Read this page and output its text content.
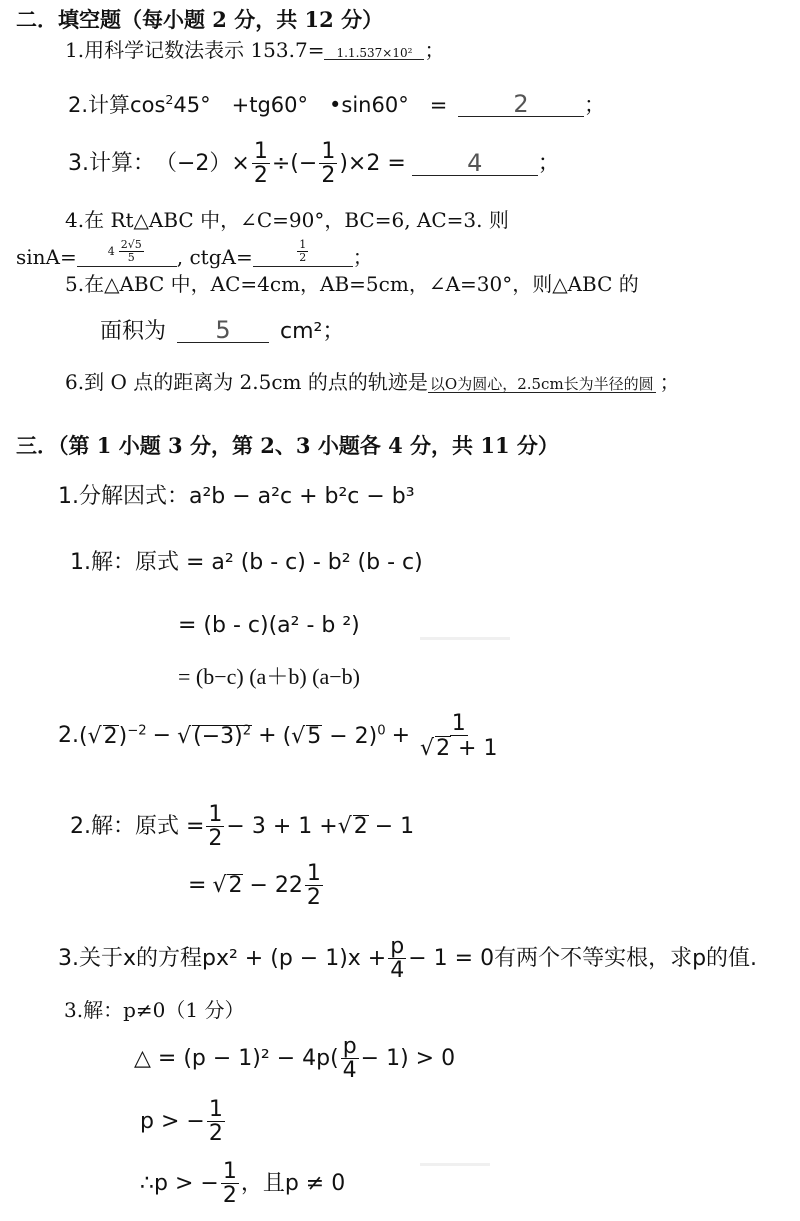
二．填空题（每小题 2 分，共 12 分）
1.用科学记数法表示 153.7= 1.1.537×10² ；
2.计算$\cos^245^\circ$　+tg60°　•sin60°　=	2	；
3.计算： $(-2)\times \frac{1}{2}$ ÷(− $\frac{1}{2} )\times 2$ =	4	；
4.在 Rt△ABC 中，∠C=90°，BC=6, AC=3. 则
sinA=	$4 \frac{2√5}{5}$ , ctgA=	$\frac{1}{2}$ ；
5.在△ABC 中，AC=4cm，AB=5cm，∠A=30°，则△ABC 的
面积为 5 cm²；
6.到 O 点的距离为 2.5cm 的点的轨迹是 以O为圆心，2.5cm长为半径的圆 ；
三．（第 1 小题 3 分，第 2、3 小题各 4 分，共 11 分）
1.分解因式：a²b − a²c + b²c − b³
1.解：原式 = a² (b - c) - b² (b - c)
= (b - c)(a² - b ²)
= (b−c) (a＋b) (a−b)
2. $(√2)^{-2} - √(-3)^2 + (√5 - 2)^0 + \frac{1}{√2 + 1}$
2.解：原式 = $\frac{1}{2} - 3 + 1 + √2 - 1$
= √2 − 2 $2 \frac{1}{2}$
3.关于x的方程$px^2 + (p - 1)x + \frac{p}{4} - 1 = 0$有两个不等实根，求p的值.
3.解：p≠0（1 分）
△ = $(p - 1)^2 - 4p( \frac{p}{4} - 1) > 0$
p > − $\frac{1}{2}$
∴p > − $\frac{1}{2}$ ，且p ≠ 0
